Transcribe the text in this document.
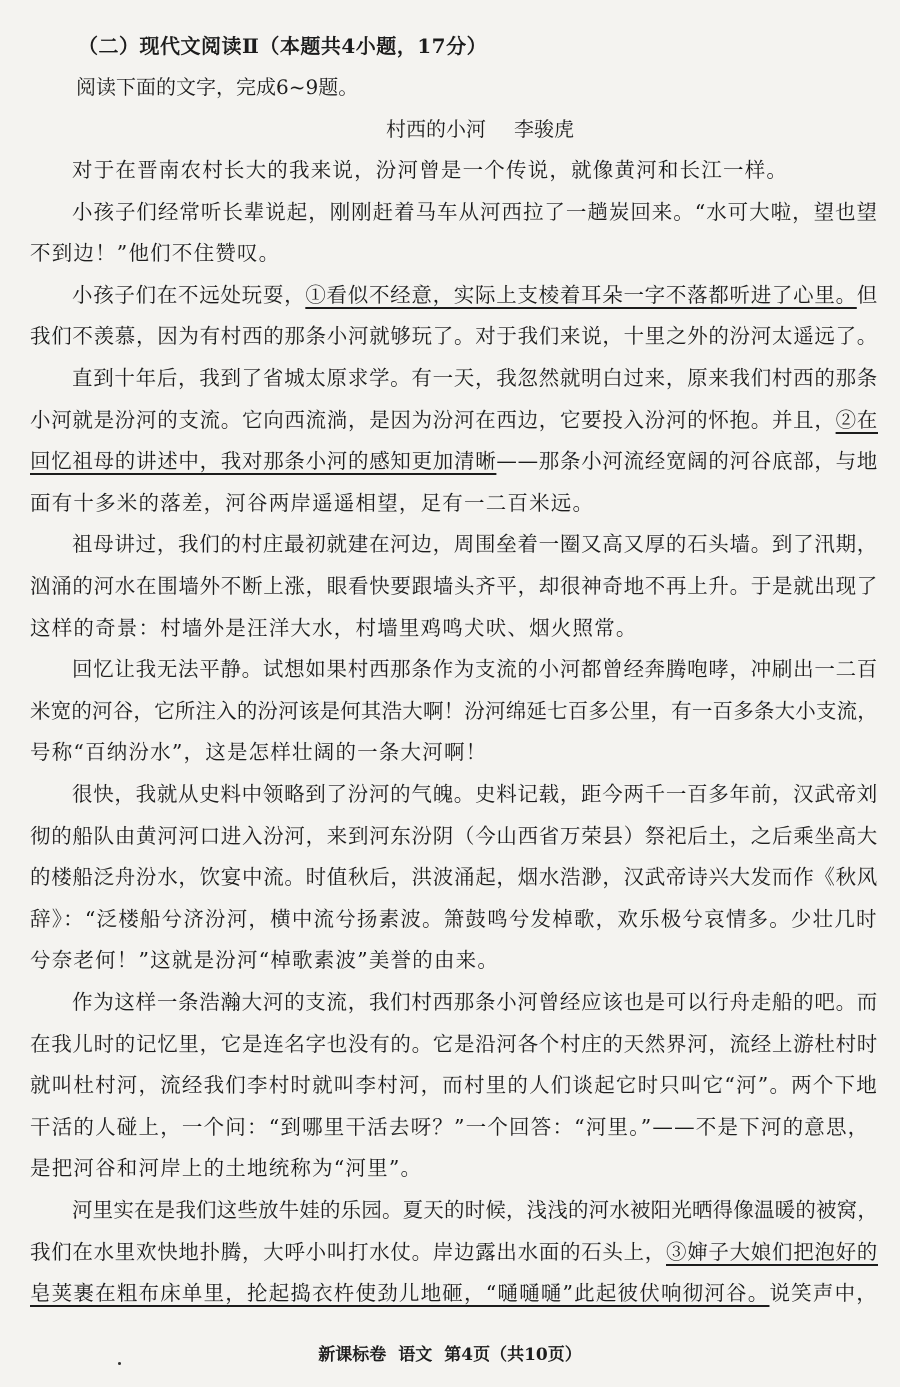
（二）现代文阅读Ⅱ（本题共4小题，17分）
阅读下面的文字，完成6~9题。
村西的小河 李骏虎
对于在晋南农村长大的我来说，汾河曾是一个传说，就像黄河和长江一样。
小孩子们经常听长辈说起，刚刚赶着马车从河西拉了一趟炭回来。“水可大啦，望也望
不到边！”他们不住赞叹。
小孩子们在不远处玩耍，①看似不经意，实际上支棱着耳朵一字不落都听进了心里。但
我们不羡慕，因为有村西的那条小河就够玩了。对于我们来说，十里之外的汾河太遥远了。
直到十年后，我到了省城太原求学。有一天，我忽然就明白过来，原来我们村西的那条
小河就是汾河的支流。它向西流淌，是因为汾河在西边，它要投入汾河的怀抱。并且，②在
回忆祖母的讲述中，我对那条小河的感知更加清晰——那条小河流经宽阔的河谷底部，与地
面有十多米的落差，河谷两岸遥遥相望，足有一二百米远。
祖母讲过，我们的村庄最初就建在河边，周围垒着一圈又高又厚的石头墙。到了汛期，
汹涌的河水在围墙外不断上涨，眼看快要跟墙头齐平，却很神奇地不再上升。于是就出现了
这样的奇景：村墙外是汪洋大水，村墙里鸡鸣犬吠、烟火照常。
回忆让我无法平静。试想如果村西那条作为支流的小河都曾经奔腾咆哮，冲刷出一二百
米宽的河谷，它所注入的汾河该是何其浩大啊！汾河绵延七百多公里，有一百多条大小支流，
号称“百纳汾水”，这是怎样壮阔的一条大河啊！
很快，我就从史料中领略到了汾河的气魄。史料记载，距今两千一百多年前，汉武帝刘
彻的船队由黄河河口进入汾河，来到河东汾阴（今山西省万荣县）祭祀后土，之后乘坐高大
的楼船泛舟汾水，饮宴中流。时值秋后，洪波涌起，烟水浩渺，汉武帝诗兴大发而作《秋风
辞》：“泛楼船兮济汾河，横中流兮扬素波。箫鼓鸣兮发棹歌，欢乐极兮哀情多。少壮几时
兮奈老何！”这就是汾河“棹歌素波”美誉的由来。
作为这样一条浩瀚大河的支流，我们村西那条小河曾经应该也是可以行舟走船的吧。而
在我儿时的记忆里，它是连名字也没有的。它是沿河各个村庄的天然界河，流经上游杜村时
就叫杜村河，流经我们李村时就叫李村河，而村里的人们谈起它时只叫它“河”。两个下地
干活的人碰上，一个问：“到哪里干活去呀？”一个回答：“河里。”——不是下河的意思，
是把河谷和河岸上的土地统称为“河里”。
河里实在是我们这些放牛娃的乐园。夏天的时候，浅浅的河水被阳光晒得像温暖的被窝，
我们在水里欢快地扑腾，大呼小叫打水仗。岸边露出水面的石头上，③婶子大娘们把泡好的
皂荚裹在粗布床单里，抡起捣衣杵使劲儿地砸，“嗵嗵嗵”此起彼伏响彻河谷。说笑声中，
新课标卷 语文 第4页（共10页）
